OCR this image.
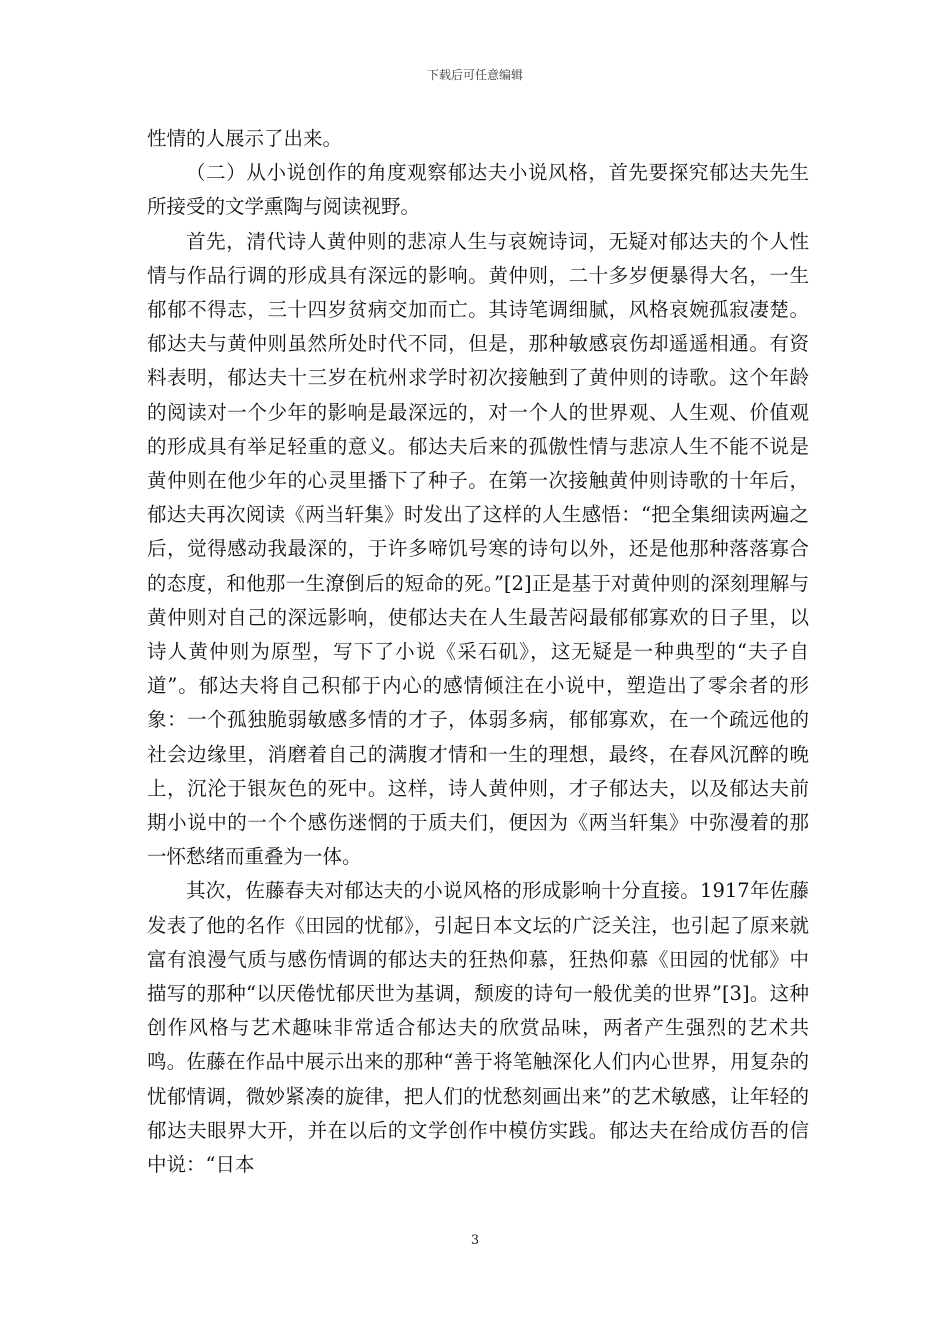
下载后可任意编辑

性情的人展示了出来。

（二）从小说创作的角度观察郁达夫小说风格，首先要探究郁达夫先生所接受的文学熏陶与阅读视野。

首先，清代诗人黄仲则的悲凉人生与哀婉诗词，无疑对郁达夫的个人性情与作品行调的形成具有深远的影响。黄仲则，二十多岁便暴得大名，一生郁郁不得志，三十四岁贫病交加而亡。其诗笔调细腻，风格哀婉孤寂凄楚。郁达夫与黄仲则虽然所处时代不同，但是，那种敏感哀伤却遥遥相通。有资料表明，郁达夫十三岁在杭州求学时初次接触到了黄仲则的诗歌。这个年龄的阅读对一个少年的影响是最深远的，对一个人的世界观、人生观、价值观的形成具有举足轻重的意义。郁达夫后来的孤傲性情与悲凉人生不能不说是黄仲则在他少年的心灵里播下了种子。在第一次接触黄仲则诗歌的十年后，郁达夫再次阅读《两当轩集》时发出了这样的人生感悟：“把全集细读两遍之后，觉得感动我最深的，于许多啼饥号寒的诗句以外，还是他那种落落寡合的态度，和他那一生潦倒后的短命的死。”[2]正是基于对黄仲则的深刻理解与黄仲则对自己的深远影响，使郁达夫在人生最苦闷最郁郁寡欢的日子里，以诗人黄仲则为原型，写下了小说《采石矶》，这无疑是一种典型的“夫子自道”。郁达夫将自己积郁于内心的感情倾注在小说中，塑造出了零余者的形象：一个孤独脆弱敏感多情的才子，体弱多病，郁郁寡欢，在一个疏远他的社会边缘里，消磨着自己的满腹才情和一生的理想，最终，在春风沉醉的晚上，沉沦于银灰色的死中。这样，诗人黄仲则，才子郁达夫，以及郁达夫前期小说中的一个个感伤迷惘的于质夫们，便因为《两当轩集》中弥漫着的那一怀愁绪而重叠为一体。

其次，佐藤春夫对郁达夫的小说风格的形成影响十分直接。1917年佐藤发表了他的名作《田园的忧郁》，引起日本文坛的广泛关注，也引起了原来就富有浪漫气质与感伤情调的郁达夫的狂热仰慕，狂热仰慕《田园的忧郁》中描写的那种“以厌倦忧郁厌世为基调，颓废的诗句一般优美的世界”[3]。这种创作风格与艺术趣味非常适合郁达夫的欣赏品味，两者产生强烈的艺术共鸣。佐藤在作品中展示出来的那种“善于将笔触深化人们内心世界，用复杂的忧郁情调，微妙紧凑的旋律，把人们的忧愁刻画出来”的艺术敏感，让年轻的郁达夫眼界大开，并在以后的文学创作中模仿实践。郁达夫在给成仿吾的信中说：“日本

3
